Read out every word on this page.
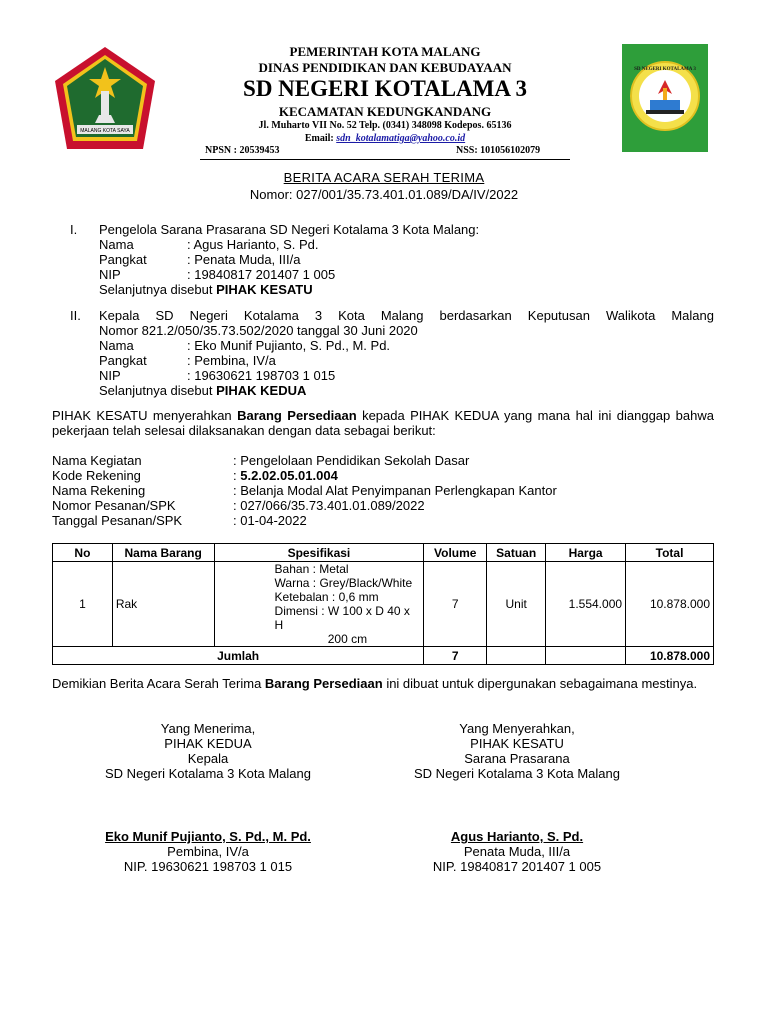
MALANG KOTA SAYA
SD NEGERI KOTALAMA 3
PEMERINTAH KOTA MALANG
DINAS PENDIDIKAN DAN KEBUDAYAAN
SD NEGERI KOTALAMA 3
KECAMATAN KEDUNGKANDANG
Jl. Muharto VII No. 52 Telp. (0341) 348098 Kodepos. 65136
Email: sdn_kotalamatiga@yahoo.co.id
NPSN : 20539453	NSS: 101056102079
BERITA ACARA SERAH TERIMA
Nomor: 027/001/35.73.401.01.089/DA/IV/2022
I. Pengelola Sarana Prasarana SD Negeri Kotalama 3 Kota Malang:
Nama	: Agus Harianto, S. Pd.
Pangkat	: Penata Muda, III/a
NIP	: 19840817 201407 1 005
Selanjutnya disebut PIHAK KESATU
II. Kepala SD Negeri Kotalama 3 Kota Malang berdasarkan Keputusan Walikota Malang
Nomor 821.2/050/35.73.502/2020 tanggal 30 Juni 2020
Nama	: Eko Munif Pujianto, S. Pd., M. Pd.
Pangkat	: Pembina, IV/a
NIP	: 19630621 198703 1 015
Selanjutnya disebut PIHAK KEDUA
PIHAK KESATU menyerahkan Barang Persediaan kepada PIHAK KEDUA yang mana hal ini dianggap bahwa pekerjaan telah selesai dilaksanakan dengan data sebagai berikut:
Nama Kegiatan	: Pengelolaan Pendidikan Sekolah Dasar
Kode Rekening	: 5.2.02.05.01.004
Nama Rekening	: Belanja Modal Alat Penyimpanan Perlengkapan Kantor
Nomor Pesanan/SPK	: 027/066/35.73.401.01.089/2022
Tanggal Pesanan/SPK	: 01-04-2022
No	Nama Barang	Spesifikasi	Volume	Satuan	Harga	Total
1	Rak	Bahan : Metal
Warna : Grey/Black/White
Ketebalan : 0,6 mm
Dimensi : W 100 x D 40 x H
200 cm	7	Unit	1.554.000	10.878.000
Jumlah			7			10.878.000
Demikian Berita Acara Serah Terima Barang Persediaan ini dibuat untuk dipergunakan sebagaimana mestinya.
Yang Menerima,
PIHAK KEDUA
Kepala
SD Negeri Kotalama 3 Kota Malang
Eko Munif Pujianto, S. Pd., M. Pd.
Pembina, IV/a
NIP. 19630621 198703 1 015
Yang Menyerahkan,
PIHAK KESATU
Sarana Prasarana
SD Negeri Kotalama 3 Kota Malang
Agus Harianto, S. Pd.
Penata Muda, III/a
NIP. 19840817 201407 1 005
